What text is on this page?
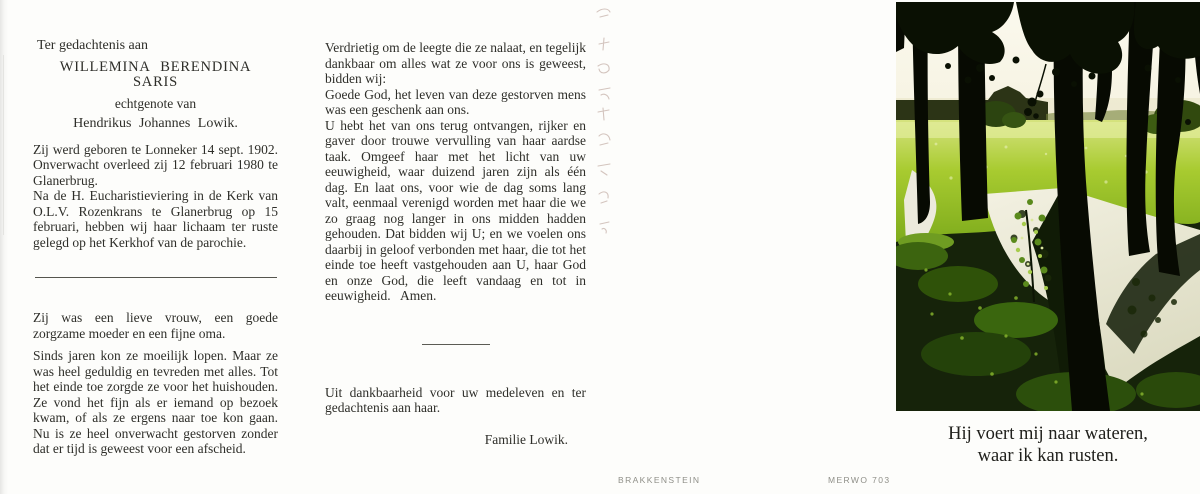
Ter gedachtenis aan

WILLEMINA BERENDINA SARIS

echtgenote van

Hendrikus Johannes Lowik.

Zij werd geboren te Lonneker 14 sept. 1902. Onverwacht overleed zij 12 februari 1980 te Glanerbrug.

Na de H. Eucharistieviering in de Kerk van O.L.V. Rozenkrans te Glanerbrug op 15 februari, hebben wij haar lichaam ter ruste gelegd op het Kerkhof van de parochie.

Zij was een lieve vrouw, een goede zorgzame moeder en een fijne oma.

Sinds jaren kon ze moeilijk lopen. Maar ze was heel geduldig en tevreden met alles. Tot het einde toe zorgde ze voor het huishouden. Ze vond het fijn als er iemand op bezoek kwam, of als ze ergens naar toe kon gaan. Nu is ze heel onverwacht gestorven zonder dat er tijd is geweest voor een afscheid.

Verdrietig om de leegte die ze nalaat, en tegelijk dankbaar om alles wat ze voor ons is geweest, bidden wij:

Goede God, het leven van deze gestorven mens was een geschenk aan ons.

U hebt het van ons terug ontvangen, rijker en gaver door trouwe vervulling van haar aardse taak. Omgeef haar met het licht van uw eeuwigheid, waar duizend jaren zijn als één dag. En laat ons, voor wie de dag soms lang valt, eenmaal verenigd worden met haar die we zo graag nog langer in ons midden hadden gehouden. Dat bidden wij U; en we voelen ons daarbij in geloof verbonden met haar, die tot het einde toe heeft vastgehouden aan U, haar God en onze God, die leeft vandaag en tot in eeuwigheid.   Amen.

Uit dankbaarheid voor uw medeleven en ter gedachtenis aan haar.

Familie Lowik.	Hij voert mij naar wateren,
waar ik kan rusten.
BRAKKENSTEIN	MERWO 703
